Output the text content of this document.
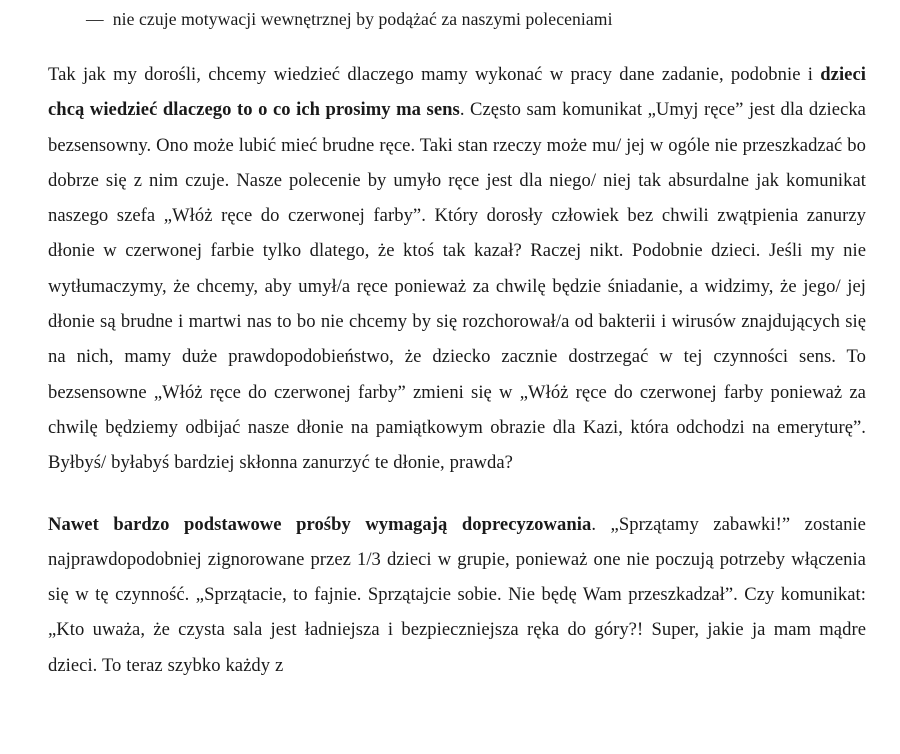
— nie czuje motywacji wewnętrznej by podążać za naszymi poleceniami

Tak jak my dorośli, chcemy wiedzieć dlaczego mamy wykonać w pracy dane zadanie, podobnie i dzieci chcą wiedzieć dlaczego to o co ich prosimy ma sens. Często sam komunikat „Umyj ręce” jest dla dziecka bezsensowny. Ono może lubić mieć brudne ręce. Taki stan rzeczy może mu/ jej w ogóle nie przeszkadzać bo dobrze się z nim czuje. Nasze polecenie by umyło ręce jest dla niego/ niej tak absurdalne jak komunikat naszego szefa „Włóż ręce do czerwonej farby”. Który dorosły człowiek bez chwili zwątpienia zanurzy dłonie w czerwonej farbie tylko dlatego, że ktoś tak kazał? Raczej nikt. Podobnie dzieci. Jeśli my nie wytłumaczymy, że chcemy, aby umył/a ręce ponieważ za chwilę będzie śniadanie, a widzimy, że jego/ jej dłonie są brudne i martwi nas to bo nie chcemy by się rozchorował/a od bakterii i wirusów znajdujących się na nich, mamy duże prawdopodobieństwo, że dziecko zacznie dostrzegać w tej czynności sens. To bezsensowne „Włóż ręce do czerwonej farby” zmieni się w „Włóż ręce do czerwonej farby ponieważ za chwilę będziemy odbijać nasze dłonie na pamiątkowym obrazie dla Kazi, która odchodzi na emeryturę”. Byłbyś/ byłabyś bardziej skłonna zanurzyć te dłonie, prawda?

Nawet bardzo podstawowe prośby wymagają doprecyzowania. „Sprzątamy zabawki!” zostanie najprawdopodobniej zignorowane przez 1/3 dzieci w grupie, ponieważ one nie poczują potrzeby włączenia się w tę czynność. „Sprzątacie, to fajnie. Sprzątajcie sobie. Nie będę Wam przeszkadzał”. Czy komunikat: „Kto uważa, że czysta sala jest ładniejsza i bezpieczniejsza ręka do góry?! Super, jakie ja mam mądre dzieci. To teraz szybko każdy z
